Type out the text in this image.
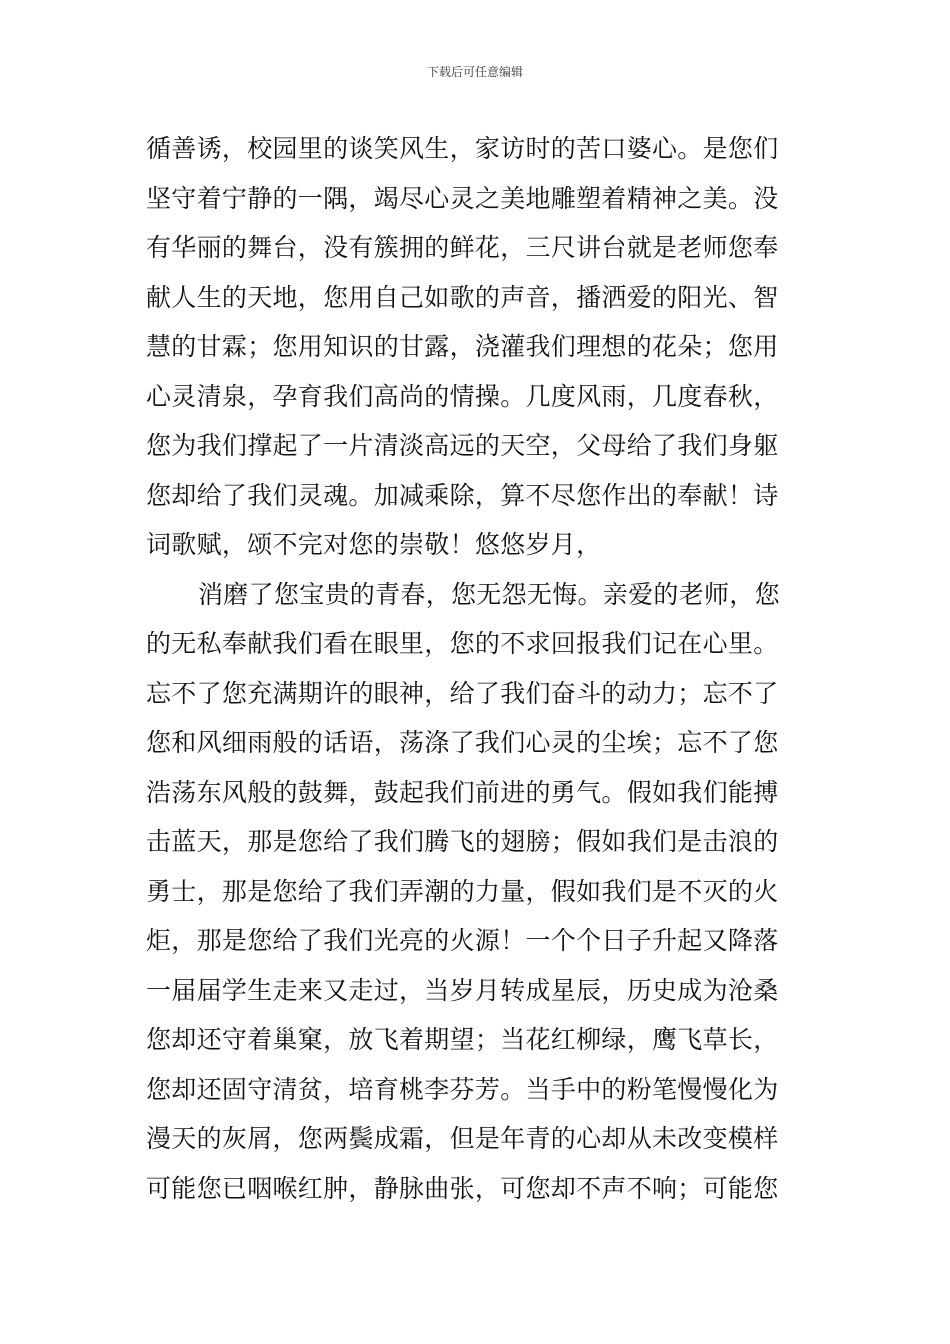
下载后可任意编辑
循善诱，校园里的谈笑风生，家访时的苦口婆心。是您们
坚守着宁静的一隅，竭尽心灵之美地雕塑着精神之美。没
有华丽的舞台，没有簇拥的鲜花，三尺讲台就是老师您奉
献人生的天地，您用自己如歌的声音，播洒爱的阳光、智
慧的甘霖；您用知识的甘露，浇灌我们理想的花朵；您用
心灵清泉，孕育我们高尚的情操。几度风雨，几度春秋，
您为我们撑起了一片清淡高远的天空，父母给了我们身躯
您却给了我们灵魂。加减乘除，算不尽您作出的奉献！诗
词歌赋，颂不完对您的崇敬！悠悠岁月，
消磨了您宝贵的青春，您无怨无悔。亲爱的老师，您
的无私奉献我们看在眼里，您的不求回报我们记在心里。
忘不了您充满期许的眼神，给了我们奋斗的动力；忘不了
您和风细雨般的话语，荡涤了我们心灵的尘埃；忘不了您
浩荡东风般的鼓舞，鼓起我们前进的勇气。假如我们能搏
击蓝天，那是您给了我们腾飞的翅膀；假如我们是击浪的
勇士，那是您给了我们弄潮的力量，假如我们是不灭的火
炬，那是您给了我们光亮的火源！一个个日子升起又降落
一届届学生走来又走过，当岁月转成星辰，历史成为沧桑
您却还守着巢窠，放飞着期望；当花红柳绿，鹰飞草长，
您却还固守清贫，培育桃李芬芳。当手中的粉笔慢慢化为
漫天的灰屑，您两鬓成霜，但是年青的心却从未改变模样
可能您已咽喉红肿，静脉曲张，可您却不声不响；可能您
